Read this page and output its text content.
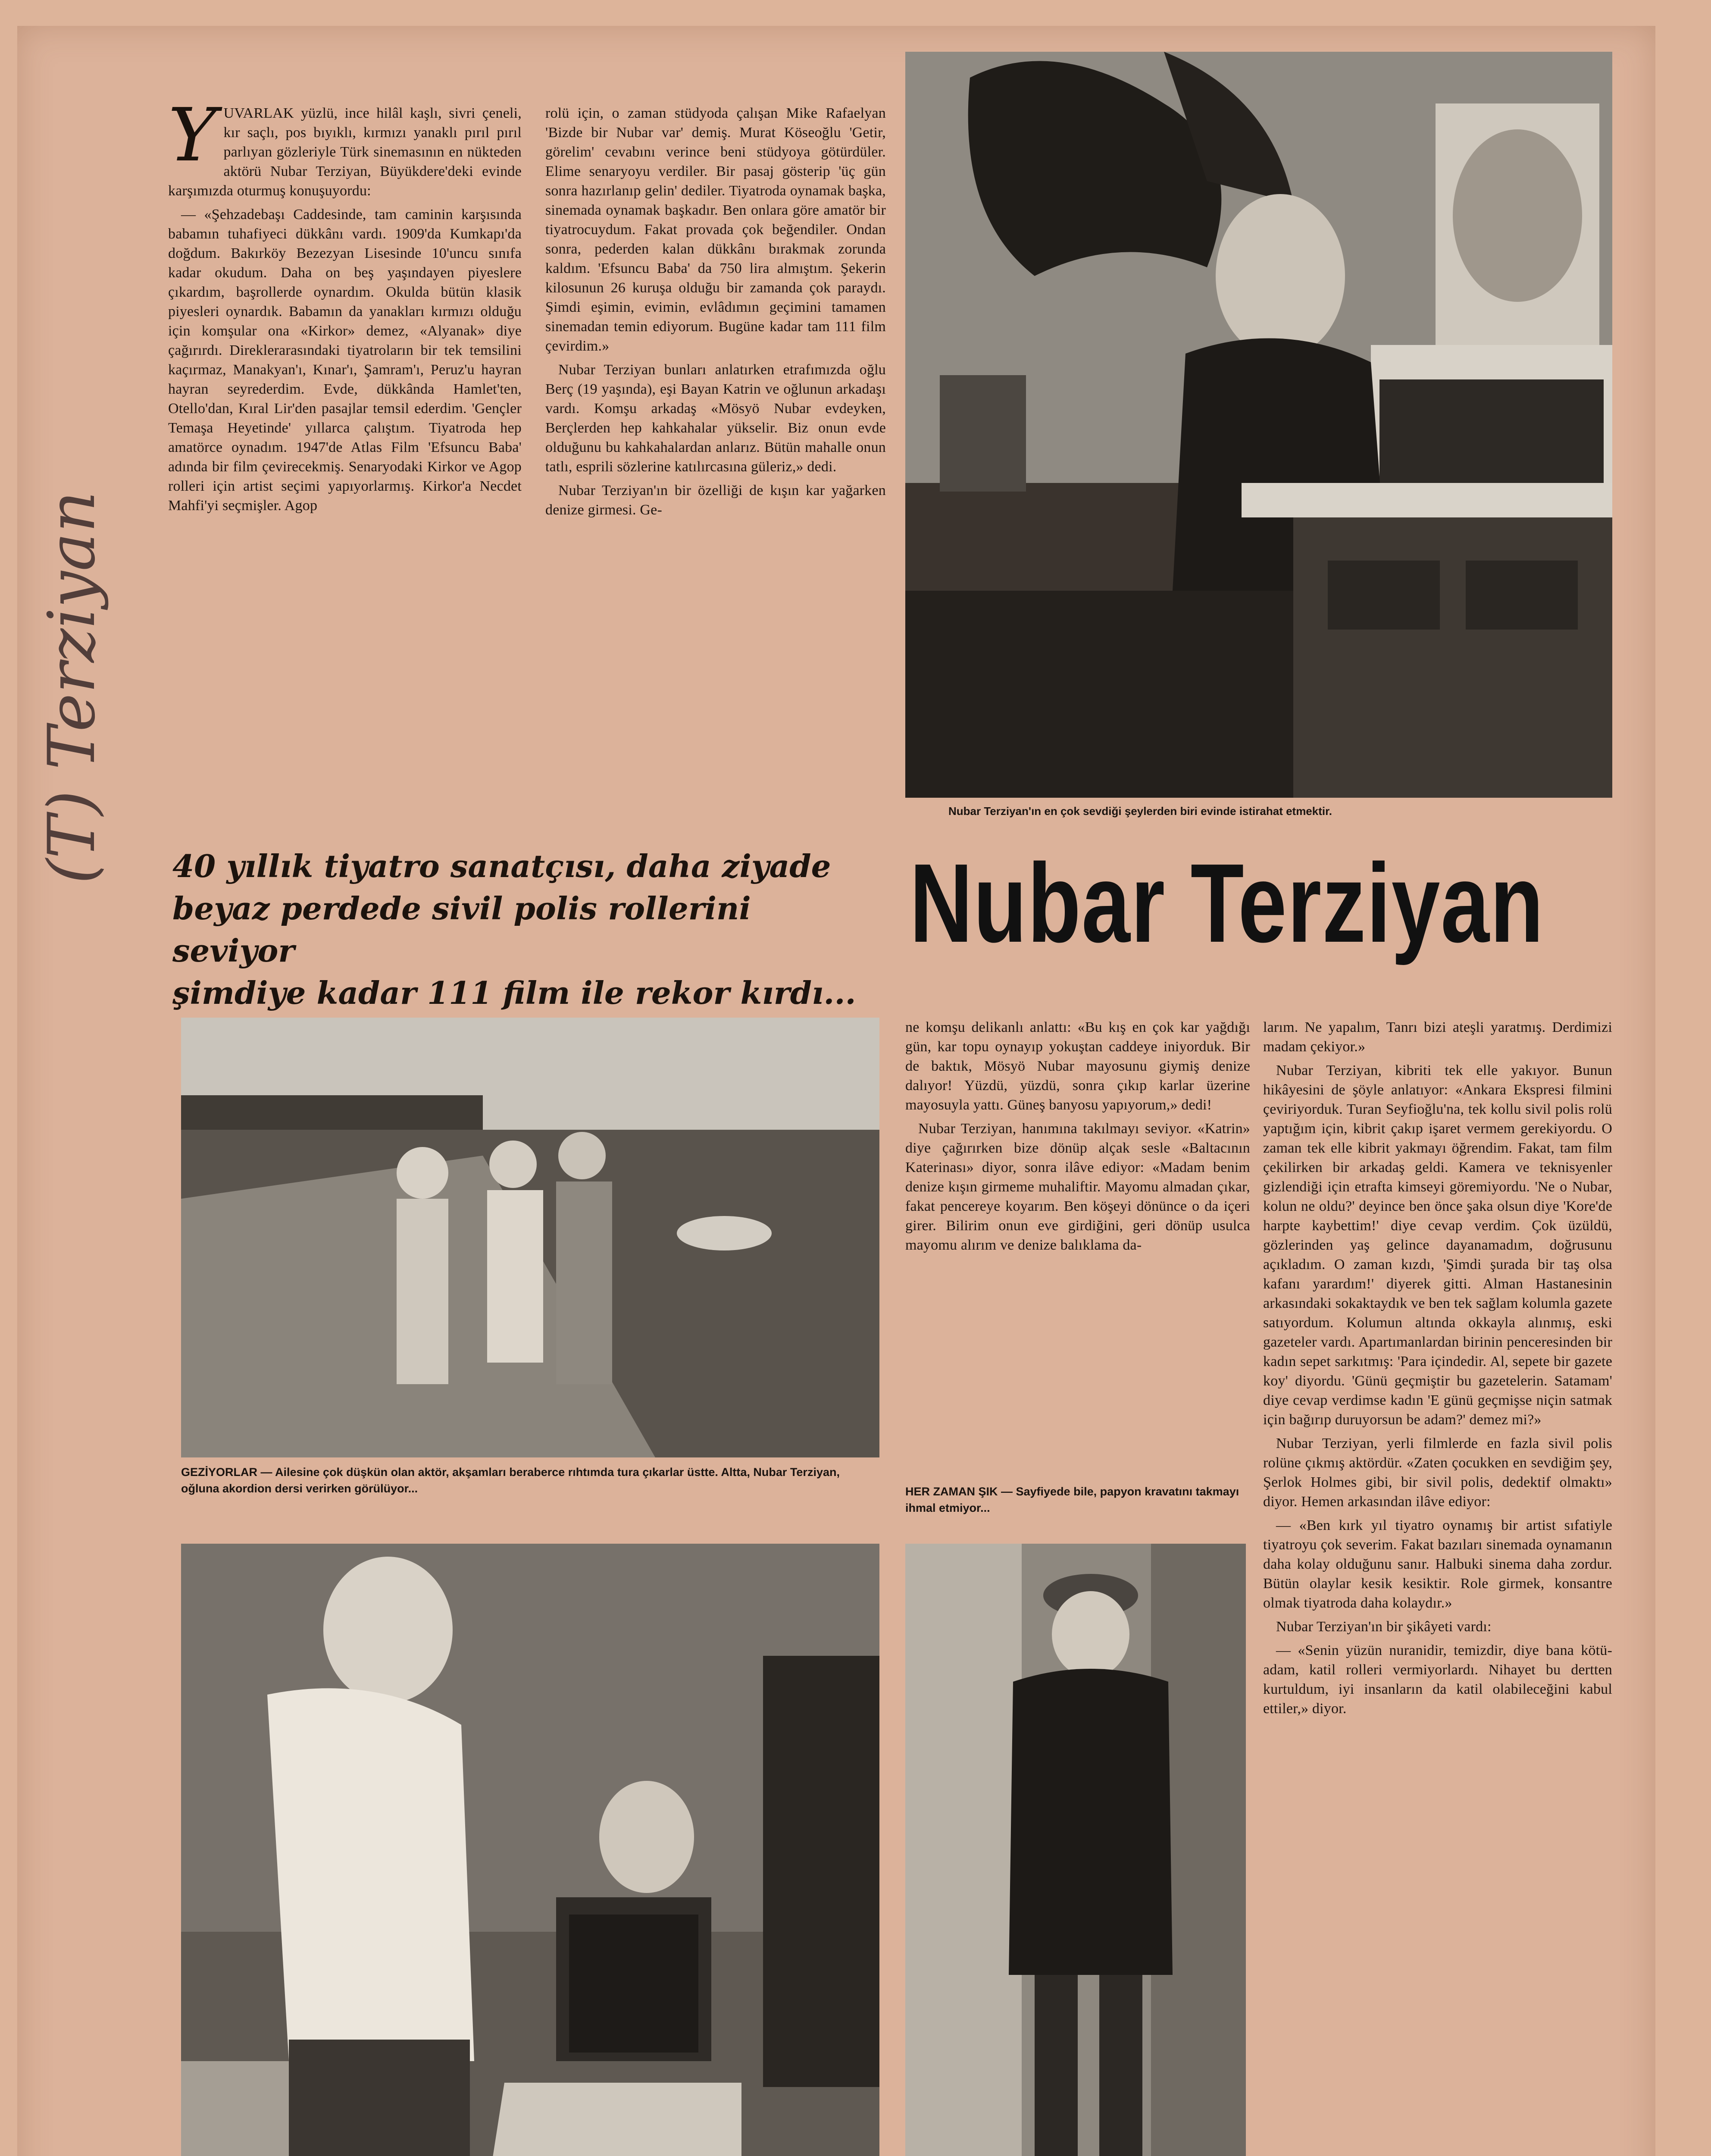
(T) Terziyan
Y UVARLAK yüzlü, ince hilâl kaşlı, sivri çeneli, kır saçlı, pos bıyıklı, kırmızı yanaklı pırıl pırıl parlıyan gözleriyle Türk sinemasının en nükteden aktörü Nubar Terziyan, Büyükdere'deki evinde karşımızda oturmuş konuşuyordu:

— «Şehzadebaşı Caddesinde, tam caminin karşısında babamın tuhafiyeci dükkânı vardı. 1909'da Kumkapı'da doğdum. Bakırköy Bezezyan Lisesinde 10'uncu sınıfa kadar okudum. Daha on beş yaşındayen piyeslere çıkardım, başrollerde oynardım. Okulda bütün klasik piyesleri oynardık. Babamın da yanakları kırmızı olduğu için komşular ona «Kirkor» demez, «Alyanak» diye çağırırdı. Direklerarasındaki tiyatroların bir tek temsilini kaçırmaz, Manakyan'ı, Kınar'ı, Şamram'ı, Peruz'u hayran hayran seyrederdim. Evde, dükkânda Hamlet'ten, Otello'dan, Kıral Lir'den pasajlar temsil ederdim. 'Gençler Temaşa Heyetinde' yıllarca çalıştım. Tiyatroda hep amatörce oynadım. 1947'de Atlas Film 'Efsuncu Baba' adında bir film çevirecekmiş. Senaryodaki Kirkor ve Agop rolleri için artist seçimi yapıyorlarmış. Kirkor'a Necdet Mahfi'yi seçmişler. Agop

rolü için, o zaman stüdyoda çalışan Mike Rafaelyan 'Bizde bir Nubar var' demiş. Murat Köseoğlu 'Getir, görelim' cevabını verince beni stüdyoya götürdüler. Elime senaryoyu verdiler. Bir pasaj gösterip 'üç gün sonra hazırlanıp gelin' dediler. Tiyatroda oynamak başka, sinemada oynamak başkadır. Ben onlara göre amatör bir tiyatrocuydum. Fakat provada çok beğendiler. Ondan sonra, pederden kalan dükkânı bırakmak zorunda kaldım. 'Efsuncu Baba' da 750 lira almıştım. Şekerin kilosunun 26 kuruşa olduğu bir zamanda çok paraydı. Şimdi eşimin, evimin, evlâdımın geçimini tamamen sinemadan temin ediyorum. Bugüne kadar tam 111 film çevirdim.»

Nubar Terziyan bunları anlatırken etrafımızda oğlu Berç (19 yaşında), eşi Bayan Katrin ve oğlunun arkadaşı vardı. Komşu arkadaş «Mösyö Nubar evdeyken, Berçlerden hep kahkahalar yükselir. Biz onun evde olduğunu bu kahkahalardan anlarız. Bütün mahalle onun tatlı, esprili sözlerine katılırcasına güleriz,» dedi.

Nubar Terziyan'ın bir özelliği de kışın kar yağarken denize girmesi. Ge-

Nubar Terziyan'ın en çok sevdiği şeylerden biri evinde istirahat etmektir.
40 yıllık tiyatro sanatçısı, daha ziyade
beyaz perdede sivil polis rollerini seviyor
şimdiye kadar 111 film ile rekor kırdı...
Nubar Terziyan
GEZİYORLAR — Ailesine çok düşkün olan aktör, akşamları beraberce rıhtımda tura çıkarlar üstte. Altta, Nubar Terziyan, oğluna akordion dersi verirken görülüyor...

ne komşu delikanlı anlattı: «Bu kış en çok kar yağdığı gün, kar topu oynayıp yokuştan caddeye iniyorduk. Bir de baktık, Mösyö Nubar mayosunu giymiş denize dalıyor! Yüzdü, yüzdü, sonra çıkıp karlar üzerine mayosuyla yattı. Güneş banyosu yapıyorum,» dedi!

Nubar Terziyan, hanımına takılmayı seviyor. «Katrin» diye çağırırken bize dönüp alçak sesle «Baltacının Katerinası» diyor, sonra ilâve ediyor: «Madam benim denize kışın girmeme muhaliftir. Mayomu almadan çıkar, fakat pencereye koyarım. Ben köşeyi dönünce o da içeri girer. Bilirim onun eve girdiğini, geri dönüp usulca mayomu alırım ve denize balıklama da-

HER ZAMAN ŞIK — Sayfiyede bile, papyon kravatını takmayı ihmal etmiyor...

larım. Ne yapalım, Tanrı bizi ateşli yaratmış. Derdimizi madam çekiyor.»

Nubar Terziyan, kibriti tek elle yakıyor. Bunun hikâyesini de şöyle anlatıyor: «Ankara Ekspresi filmini çeviriyorduk. Turan Seyfioğlu'na, tek kollu sivil polis rolü yaptığım için, kibrit çakıp işaret vermem gerekiyordu. O zaman tek elle kibrit yakmayı öğrendim. Fakat, tam film çekilirken bir arkadaş geldi. Kamera ve teknisyenler gizlendiği için etrafta kimseyi göremiyordu. 'Ne o Nubar, kolun ne oldu?' deyince ben önce şaka olsun diye 'Kore'de harpte kaybettim!' diye cevap verdim. Çok üzüldü, gözlerinden yaş gelince dayanamadım, doğrusunu açıkladım. O zaman kızdı, 'Şimdi şurada bir taş olsa kafanı yarardım!' diyerek gitti. Alman Hastanesinin arkasındaki sokaktaydık ve ben tek sağlam kolumla gazete satıyordum. Kolumun altında okkayla alınmış, eski gazeteler vardı. Apartımanlardan birinin penceresinden bir kadın sepet sarkıtmış: 'Para içindedir. Al, sepete bir gazete koy' diyordu. 'Günü geçmiştir bu gazetelerin. Satamam' diye cevap verdimse kadın 'E günü geçmişse niçin satmak için bağırıp duruyorsun be adam?' demez mi?»

Nubar Terziyan, yerli filmlerde en fazla sivil polis rolüne çıkmış aktördür. «Zaten çocukken en sevdiğim şey, Şerlok Holmes gibi, bir sivil polis, dedektif olmaktı» diyor. Hemen arkasından ilâve ediyor:

— «Ben kırk yıl tiyatro oynamış bir artist sıfatiyle tiyatroyu çok severim. Fakat bazıları sinemada oynamanın daha kolay olduğunu sanır. Halbuki sinema daha zordur. Bütün olaylar kesik kesiktir. Role girmek, konsantre olmak tiyatroda daha kolaydır.»

Nubar Terziyan'ın bir şikâyeti vardı:

— «Senin yüzün nuranidir, temizdir, diye bana kötü-adam, katil rolleri vermiyorlardı. Nihayet bu dertten kurtuldum, iyi insanların da katil olabileceğini kabul ettiler,» diyor.
